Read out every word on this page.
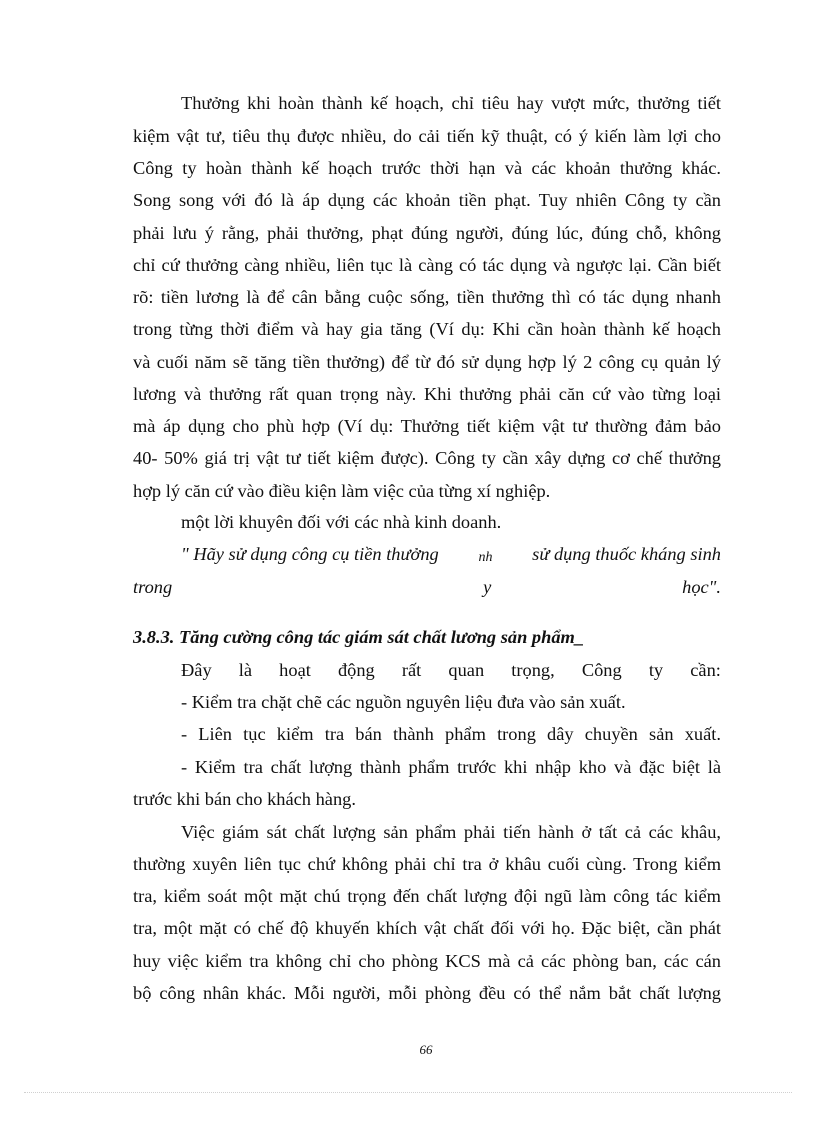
Thưởng khi hoàn thành kế hoạch, chỉ tiêu hay vượt mức, thưởng tiết
kiệm vật tư, tiêu thụ được nhiều, do cải tiến kỹ thuật, có ý kiến làm lợi cho
Công ty hoàn thành kế hoạch trước thời hạn và các khoản thưởng khác.
Song song với đó là áp dụng các khoản tiền phạt. Tuy nhiên Công ty cần
phải lưu ý rằng, phải thưởng, phạt đúng người, đúng lúc, đúng chỗ, không
chỉ cứ thưởng càng nhiều, liên tục là càng có tác dụng và ngược lại. Cần biết
rõ: tiền lương là để cân bằng cuộc sống, tiền thưởng thì có tác dụng nhanh
trong từng thời điểm và hay gia tăng (Ví dụ: Khi cần hoàn thành kế hoạch
và cuối năm sẽ tăng tiền thưởng) để từ đó sử dụng hợp lý 2 công cụ quản lý
lương và thưởng rất quan trọng này. Khi thưởng phải căn cứ vào từng loại
mà áp dụng cho phù hợp (Ví dụ: Thưởng tiết kiệm vật tư thường đảm bảo
40- 50% giá trị vật tư tiết kiệm được). Công ty cần xây dựng cơ chế thưởng
hợp lý căn cứ vào điều kiện làm việc của từng xí nghiệp.
một lời khuyên đối với các nhà kinh doanh.
" Hãy sử dụng công cụ tiền thưởng	nh sử dụng thuốc kháng sinh
trong	y	học".
3.8.3. Tăng cường công tác giám sát chất lương sản phẩm_
Đây là hoạt động rất quan trọng, Công ty cần:
- Kiểm tra chặt chẽ các nguồn nguyên liệu đưa vào sản xuất.
- Liên tục kiểm tra bán thành phẩm trong dây chuyền sản xuất.
- Kiểm tra chất lượng thành phẩm trước khi nhập kho và đặc biệt là
trước khi bán cho khách hàng.
Việc giám sát chất lượng sản phẩm phải tiến hành ở tất cả các khâu,
thường xuyên liên tục chứ không phải chỉ tra ở khâu cuối cùng. Trong kiểm
tra, kiểm soát một mặt chú trọng đến chất lượng đội ngũ làm công tác kiểm
tra, một mặt có chế độ khuyến khích vật chất đối với họ. Đặc biệt, cần phát
huy việc kiểm tra không chỉ cho phòng KCS mà cả các phòng ban, các cán
bộ công nhân khác. Mỗi người, mỗi phòng đều có thể nắm bắt chất lượng
66
